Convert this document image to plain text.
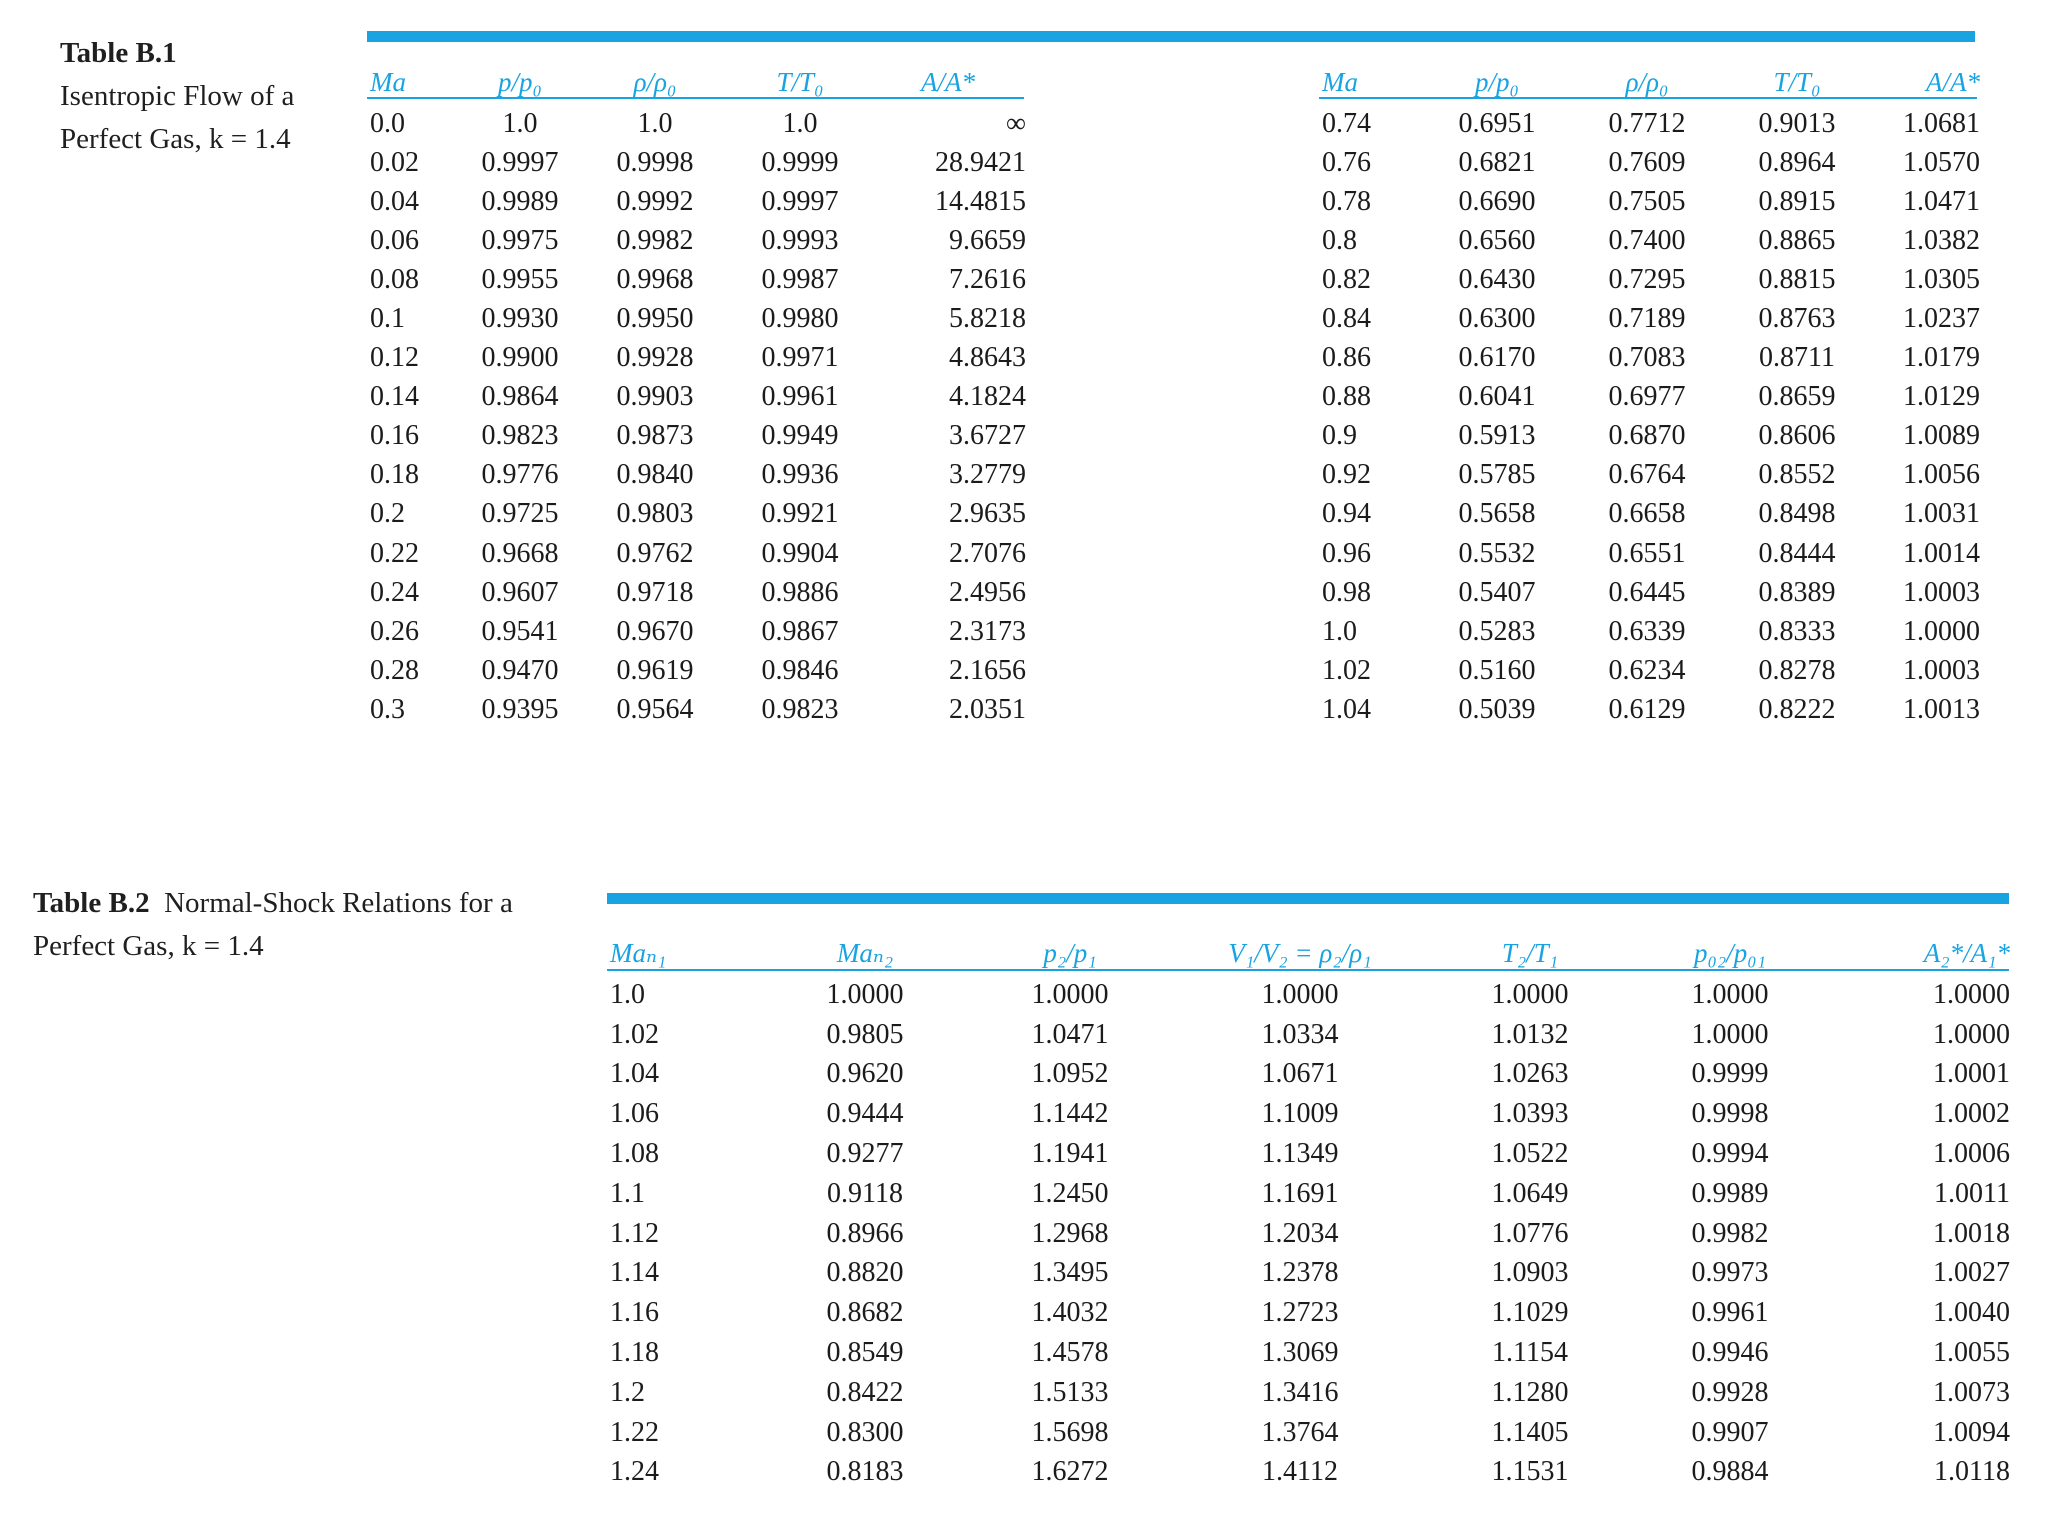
Table B.1
Isentropic Flow of a Perfect Gas, k = 1.4
Table B.2 Normal-Shock Relations for a Perfect Gas, k = 1.4
Ma	p/p₀	ρ/ρ₀	T/T₀	A/A*
0.0	1.0	1.0	1.0	∞
0.02	0.9997	0.9998	0.9999	28.9421
0.04	0.9989	0.9992	0.9997	14.4815
0.06	0.9975	0.9982	0.9993	9.6659
0.08	0.9955	0.9968	0.9987	7.2616
0.1	0.9930	0.9950	0.9980	5.8218
0.12	0.9900	0.9928	0.9971	4.8643
0.14	0.9864	0.9903	0.9961	4.1824
0.16	0.9823	0.9873	0.9949	3.6727
0.18	0.9776	0.9840	0.9936	3.2779
0.2	0.9725	0.9803	0.9921	2.9635
0.22	0.9668	0.9762	0.9904	2.7076
0.24	0.9607	0.9718	0.9886	2.4956
0.26	0.9541	0.9670	0.9867	2.3173
0.28	0.9470	0.9619	0.9846	2.1656
0.3	0.9395	0.9564	0.9823	2.0351
Ma	p/p₀	ρ/ρ₀	T/T₀	A/A*
0.74	0.6951	0.7712	0.9013	1.0681
0.76	0.6821	0.7609	0.8964	1.0570
0.78	0.6690	0.7505	0.8915	1.0471
0.8	0.6560	0.7400	0.8865	1.0382
0.82	0.6430	0.7295	0.8815	1.0305
0.84	0.6300	0.7189	0.8763	1.0237
0.86	0.6170	0.7083	0.8711	1.0179
0.88	0.6041	0.6977	0.8659	1.0129
0.9	0.5913	0.6870	0.8606	1.0089
0.92	0.5785	0.6764	0.8552	1.0056
0.94	0.5658	0.6658	0.8498	1.0031
0.96	0.5532	0.6551	0.8444	1.0014
0.98	0.5407	0.6445	0.8389	1.0003
1.0	0.5283	0.6339	0.8333	1.0000
1.02	0.5160	0.6234	0.8278	1.0003
1.04	0.5039	0.6129	0.8222	1.0013
Maₙ₁	Maₙ₂	p₂/p₁	V₁/V₂ = ρ₂/ρ₁	T₂/T₁	p₀₂/p₀₁	A₂*/A₁*
1.0	1.0000	1.0000	1.0000	1.0000	1.0000	1.0000
1.02	0.9805	1.0471	1.0334	1.0132	1.0000	1.0000
1.04	0.9620	1.0952	1.0671	1.0263	0.9999	1.0001
1.06	0.9444	1.1442	1.1009	1.0393	0.9998	1.0002
1.08	0.9277	1.1941	1.1349	1.0522	0.9994	1.0006
1.1	0.9118	1.2450	1.1691	1.0649	0.9989	1.0011
1.12	0.8966	1.2968	1.2034	1.0776	0.9982	1.0018
1.14	0.8820	1.3495	1.2378	1.0903	0.9973	1.0027
1.16	0.8682	1.4032	1.2723	1.1029	0.9961	1.0040
1.18	0.8549	1.4578	1.3069	1.1154	0.9946	1.0055
1.2	0.8422	1.5133	1.3416	1.1280	0.9928	1.0073
1.22	0.8300	1.5698	1.3764	1.1405	0.9907	1.0094
1.24	0.8183	1.6272	1.4112	1.1531	0.9884	1.0118
